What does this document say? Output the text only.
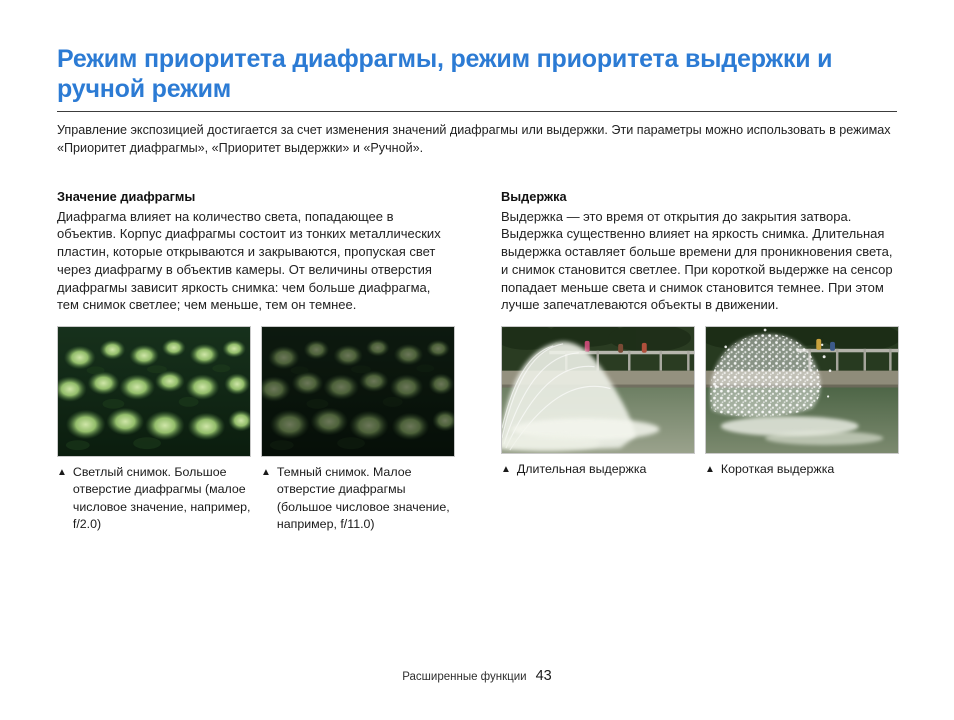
Режим приоритета диафрагмы, режим приоритета выдержки и ручной режим

Управление экспозицией достигается за счет изменения значений диафрагмы или выдержки. Эти параметры можно использовать в режимах «Приоритет диафрагмы», «Приоритет выдержки» и «Ручной».

Значение диафрагмы

Диафрагма влияет на количество света, попадающее в объектив. Корпус диафрагмы состоит из тонких металлических пластин, которые открываются и закрываются, пропуская свет через диафрагму в объектив камеры. От величины отверстия диафрагмы зависит яркость снимка: чем больше диафрагма, тем снимок светлее; чем меньше, тем он темнее.

▲ Светлый снимок. Большое отверстие диафрагмы (малое числовое значение, например, f/2.0)
▲ Темный снимок. Малое отверстие диафрагмы (большое числовое значение, например, f/11.0)
Выдержка

Выдержка — это время от открытия до закрытия затвора. Выдержка существенно влияет на яркость снимка. Длительная выдержка оставляет больше времени для проникновения света, и снимок становится светлее. При короткой выдержке на сенсор попадает меньше света и снимок становится темнее. При этом лучше запечатлеваются объекты в движении.

▲ Длительная выдержка	▲ Короткая выдержка
Расширенные функции 43
